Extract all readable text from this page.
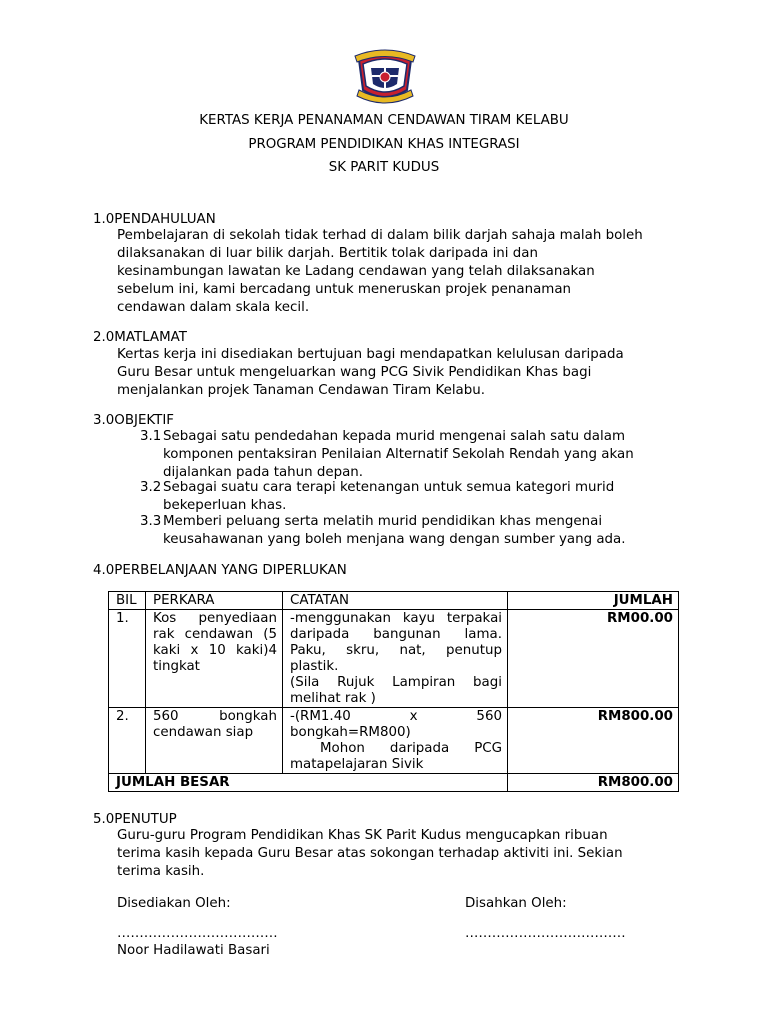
KERTAS KERJA PENANAMAN CENDAWAN TIRAM KELABU
PROGRAM PENDIDIKAN KHAS INTEGRASI
SK PARIT KUDUS
1.0PENDAHULUAN
Pembelajaran di sekolah tidak terhad di dalam bilik darjah sahaja malah boleh
dilaksanakan di luar bilik darjah. Bertitik tolak daripada ini dan
kesinambungan lawatan ke Ladang cendawan yang telah dilaksanakan
sebelum ini, kami bercadang untuk meneruskan projek penanaman
cendawan dalam skala kecil.
2.0MATLAMAT
Kertas kerja ini disediakan bertujuan bagi mendapatkan kelulusan daripada
Guru Besar untuk mengeluarkan wang PCG Sivik Pendidikan Khas bagi
menjalankan projek Tanaman Cendawan Tiram Kelabu.
3.0OBJEKTIF
3.1 Sebagai satu pendedahan kepada murid mengenai salah satu dalam
komponen pentaksiran Penilaian Alternatif Sekolah Rendah yang akan
dijalankan pada tahun depan.
3.2 Sebagai suatu cara terapi ketenangan untuk semua kategori murid
bekeperluan khas.
3.3 Memberi peluang serta melatih murid pendidikan khas mengenai
keusahawanan yang boleh menjana wang dengan sumber yang ada.
4.0PERBELANJAAN YANG DIPERLUKAN
BIL	PERKARA	CATATAN	JUMLAH
1.	Kos penyediaan rak cendawan (5 kaki x 10 kaki)4 tingkat	-menggunakan kayu terpakai daripada bangunan lama. Paku, skru, nat, penutup plastik.
(Sila Rujuk Lampiran bagi melihat rak )	RM00.00
2.	560 bongkah cendawan siap	-(RM1.40 x 560 bongkah=RM800)
Mohon daripada PCG matapelajaran Sivik	RM800.00
JUMLAH BESAR			RM800.00
5.0PENUTUP
Guru-guru Program Pendidikan Khas SK Parit Kudus mengucapkan ribuan
terima kasih kepada Guru Besar atas sokongan terhadap aktiviti ini. Sekian
terima kasih.
Disediakan Oleh:	Disahkan Oleh:
………………………………	………………………………
Noor Hadilawati Basari
